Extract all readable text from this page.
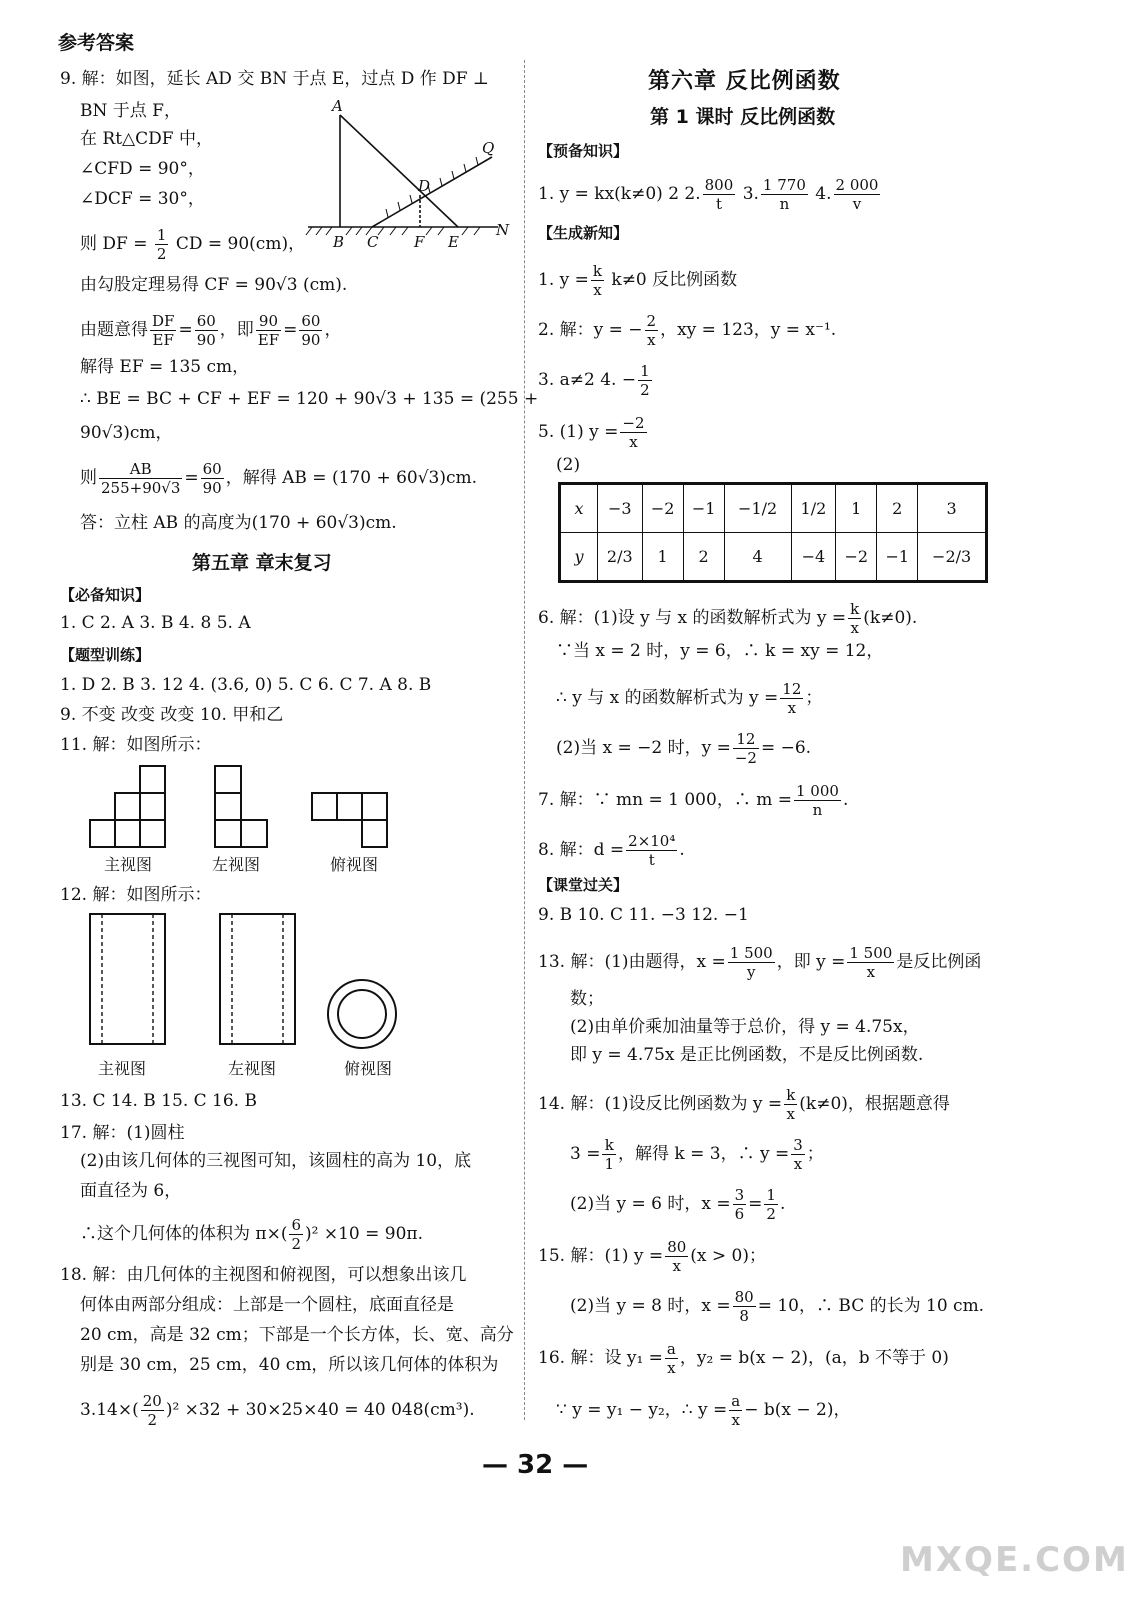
参考答案
9. 解：如图，延长 AD 交 BN 于点 E，过点 D 作 DF ⊥
BN 于点 F，
在 Rt△CDF 中，
∠CFD = 90°，
∠DCF = 30°，
则 DF = $\frac{1}{2}$ CD = 90(cm)，
A
Q
D
B C F E
N
由勾股定理易得 CF = 90√3 (cm).
由题意得 $\frac{DF}{EF} = \frac{60}{90}$ ，即 $\frac{90}{EF} = \frac{60}{90}$ ，
解得 EF = 135 cm，
∴ BE = BC + CF + EF = 120 + 90√3 + 135 = (255 +
90√3)cm，
则 $\frac{AB}{255+90√3} = \frac{60}{90}$ ，解得 AB = (170 + 60√3)cm.
答：立柱 AB 的高度为(170 + 60√3)cm.
第五章 章末复习
【必备知识】
1. C 2. A 3. B 4. 8 5. A
【题型训练】
1. D 2. B 3. 12 4. (3.6, 0) 5. C 6. C 7. A 8. B
9. 不变 改变 改变 10. 甲和乙
11. 解：如图所示：
主视图	左视图	俯视图
12. 解：如图所示：
主视图	左视图	俯视图
13. C 14. B 15. C 16. B
17. 解：(1)圆柱
(2)由该几何体的三视图可知，该圆柱的高为 10，底
面直径为 6，
∴这个几何体的体积为 $\pi\times( \frac{6}{2} )^2 \times 10 = 90\pi$.
18. 解：由几何体的主视图和俯视图，可以想象出该几
何体由两部分组成：上部是一个圆柱，底面直径是
20 cm，高是 32 cm；下部是一个长方体，长、宽、高分
别是 30 cm，25 cm，40 cm，所以该几何体的体积为
$3.14\times( \frac{20}{2} )^2 \times 32 + 30\times 25\times 40 = 40$ 048(cm³).
第六章 反比例函数
第 1 课时 反比例函数
【预备知识】
1. y = kx(k≠0) 2 2. $\frac{800}{t} 3$. $\frac{1 770}{n} 4$. $\frac{2 000}{v}$
【生成新知】
1. $y = \frac{k}{x} k\ne 0$ 反比例函数
2. 解：y = − $\frac{2}{x}$ ，xy = 123，y = x⁻¹.
3. a≠2 4. − $\frac{1}{2}$
5. (1) $y = \frac{-2}{x}$
(2)
x	−3	−2	−1	−1/2	1/2	1	2	3
y	2/3	1	2	4	−4	−2	−1	−2/3
6. 解：(1)设 y 与 x 的函数解析式为 $y = \frac{k}{x} (k\ne 0)$.
∵当 x = 2 时，y = 6，∴ k = xy = 12，
∴ y 与 x 的函数解析式为 $y = \frac{12}{x}$ ；
(2)当 x = −2 时，$y = \frac{12}{-2} = -6$.
7. 解：∵ mn = 1 000，∴ $m = \frac{1 000}{n}$ .
8. 解：$d = \frac{\text{2×10⁴}}{t}$ .
【课堂过关】
9. B 10. C 11. −3 12. −1
13. 解：(1)由题得，$x = \frac{1 500}{y}$ ，即 $y = \frac{1 500}{x}$ 是反比例函
数；
(2)由单价乘加油量等于总价，得 y = 4.75x，
即 y = 4.75x 是正比例函数，不是反比例函数.
14. 解：(1)设反比例函数为 $y = \frac{k}{x} (k\ne 0)$，根据题意得
$3 = \frac{k}{1}$ ，解得 k = 3，∴ $y = \frac{3}{x}$ ；
(2)当 y = 6 时，$x = \frac{3}{6} = \frac{1}{2}$ .
15. 解：(1) $y = \frac{80}{x} (x > 0)$；
(2)当 y = 8 时，$x = \frac{80}{8} = 10$，∴ BC 的长为 10 cm.
16. 解：设 $y_1 = \frac{a}{x}$ ，y₂ = b(x − 2)，(a，b 不等于 0)
∵ y = y₁ − y₂，∴ $y = \frac{a}{x} - b(x - 2)$，
— 32 —
MXQE.COM
